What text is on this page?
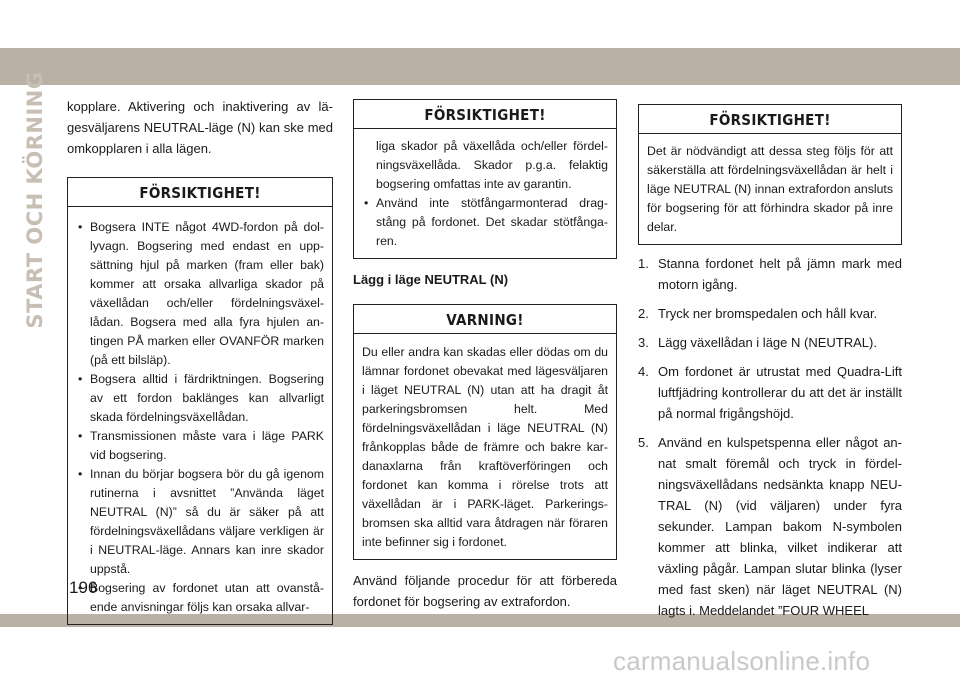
START OCH KÖRNING kopplare. Aktivering och inaktivering av lägesväljarens NEUTRAL-läge (N) kan ske med omkopplaren i alla lägen.

FÖRSIKTIGHET!
• Bogsera INTE något 4WD-fordon på dollyvagn. Bogsering med endast en uppsättning hjul på marken (fram eller bak) kommer att orsaka allvarliga skador på växellådan och/eller fördelningsväxellådan. Bogsera med alla fyra hjulen antingen PÅ marken eller OVANFÖR marken (på ett bilsläp).
• Bogsera alltid i färdriktningen. Bogsering av ett fordon baklänges kan allvarligt skada fördelningsväxellådan.
• Transmissionen måste vara i läge PARK vid bogsering.
• Innan du börjar bogsera bör du gå igenom rutinerna i avsnittet ”Använda läget NEUTRAL (N)” så du är säker på att fördelningsväxellådans väljare verkligen är i NEUTRAL-läge. Annars kan inre skador uppstå.
• Bogsering av fordonet utan att ovanstående anvisningar följs kan orsaka allvar-
FÖRSIKTIGHET!

liga skador på växellåda och/eller fördelningsväxellåda. Skador p.g.a. felaktig bogsering omfattas inte av garantin.

• Använd inte stötfångarmonterad dragstång på fordonet. Det skadar stötfångaren.
Lägg i läge NEUTRAL (N)
VARNING!

Du eller andra kan skadas eller dödas om du lämnar fordonet obevakat med lägesväljaren i läget NEUTRAL (N) utan att ha dragit åt parkeringsbromsen helt. Med fördelningsväxellådan i läge NEUTRAL (N) frånkopplas både de främre och bakre kardanaxlarna från kraftöverföringen och fordonet kan komma i rörelse trots att växellådan är i PARK-läget. Parkeringsbromsen ska alltid vara åtdragen när föraren inte befinner sig i fordonet.

Använd följande procedur för att förbereda fordonet för bogsering av extrafordon.

FÖRSIKTIGHET!

Det är nödvändigt att dessa steg följs för att säkerställa att fördelningsväxellådan är helt i läge NEUTRAL (N) innan extrafordon ansluts för bogsering för att förhindra skador på inre delar.

1. Stanna fordonet helt på jämn mark med motorn igång.
2. Tryck ner bromspedalen och håll kvar.
3. Lägg växellådan i läge N (NEUTRAL).
4. Om fordonet är utrustat med Quadra-Lift luftfjädring kontrollerar du att det är inställt på normal frigångshöjd.
5. Använd en kulspetspenna eller något annat smalt föremål och tryck in fördelningsväxellådans nedsänkta knapp NEUTRAL (N) (vid väljaren) under fyra sekunder. Lampan bakom N-symbolen kommer att blinka, vilket indikerar att växling pågår. Lampan slutar blinka (lyser med fast sken) när läget NEUTRAL (N) lagts i. Meddelandet ”FOUR WHEEL
196
carmanualsonline.info
